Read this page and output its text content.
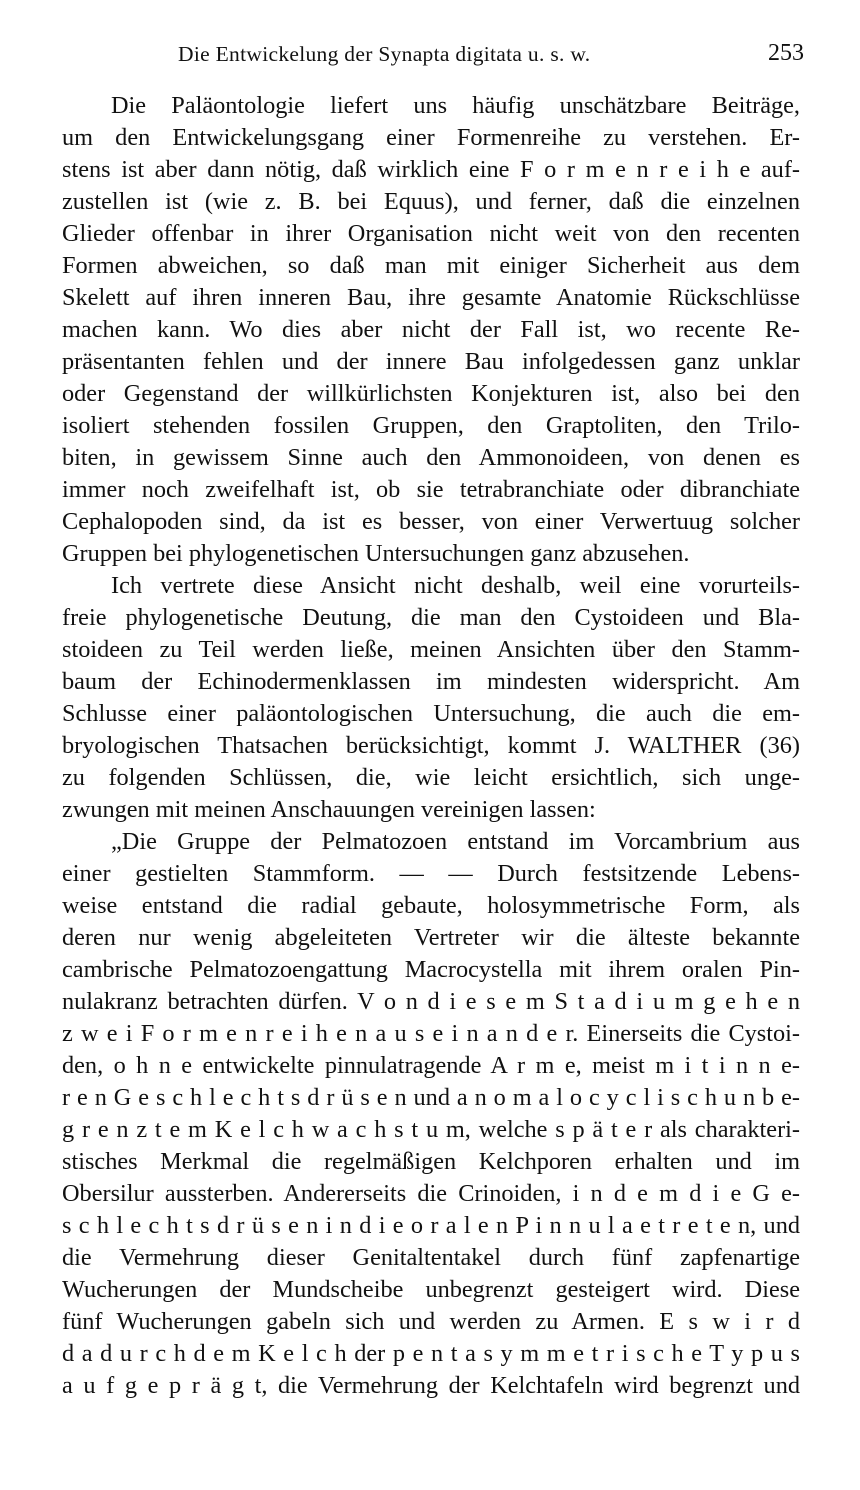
Die Entwickelung der Synapta digitata u. s. w.	253
Die Paläontologie liefert uns häufig unschätzbare Beiträge,
um den Entwickelungsgang einer Formenreihe zu verstehen. Er-
stens ist aber dann nötig, daß wirklich eine F o r m e n r e i h e auf-
zustellen ist (wie z. B. bei Equus), und ferner, daß die einzelnen
Glieder offenbar in ihrer Organisation nicht weit von den recenten
Formen abweichen, so daß man mit einiger Sicherheit aus dem
Skelett auf ihren inneren Bau, ihre gesamte Anatomie Rückschlüsse
machen kann. Wo dies aber nicht der Fall ist, wo recente Re-
präsentanten fehlen und der innere Bau infolgedessen ganz unklar
oder Gegenstand der willkürlichsten Konjekturen ist, also bei den
isoliert stehenden fossilen Gruppen, den Graptoliten, den Trilo-
biten, in gewissem Sinne auch den Ammonoideen, von denen es
immer noch zweifelhaft ist, ob sie tetrabranchiate oder dibranchiate
Cephalopoden sind, da ist es besser, von einer Verwertuug solcher
Gruppen bei phylogenetischen Untersuchungen ganz abzusehen.
Ich vertrete diese Ansicht nicht deshalb, weil eine vorurteils-
freie phylogenetische Deutung, die man den Cystoideen und Bla-
stoideen zu Teil werden ließe, meinen Ansichten über den Stamm-
baum der Echinodermenklassen im mindesten widerspricht. Am
Schlusse einer paläontologischen Untersuchung, die auch die em-
bryologischen Thatsachen berücksichtigt, kommt J. WALTHER (36)
zu folgenden Schlüssen, die, wie leicht ersichtlich, sich unge-
zwungen mit meinen Anschauungen vereinigen lassen:
„Die Gruppe der Pelmatozoen entstand im Vorcambrium aus
einer gestielten Stammform. — — Durch festsitzende Lebens-
weise entstand die radial gebaute, holosymmetrische Form, als
deren nur wenig abgeleiteten Vertreter wir die älteste bekannte
cambrische Pelmatozoengattung Macrocystella mit ihrem oralen Pin-
nulakranz betrachten dürfen. V o n d i e s e m S t a d i u m g e h e n
z w e i F o r m e n r e i h e n a u s e i n a n d e r. Einerseits die Cystoi-
den, o h n e entwickelte pinnulatragende A r m e, meist m i t i n n e-
r e n G e s c h l e c h t s d r ü s e n und a n o m a l o c y c l i s c h u n b e-
g r e n z t e m K e l c h w a c h s t u m, welche s p ä t e r als charakteri-
stisches Merkmal die regelmäßigen Kelchporen erhalten und im
Obersilur aussterben. Andererseits die Crinoiden, i n d e m d i e G e-
s c h l e c h t s d r ü s e n i n d i e o r a l e n P i n n u l a e t r e t e n, und
die Vermehrung dieser Genitaltentakel durch fünf zapfenartige
Wucherungen der Mundscheibe unbegrenzt gesteigert wird. Diese
fünf Wucherungen gabeln sich und werden zu Armen. E s w i r d
d a d u r c h d e m K e l c h der p e n t a s y m m e t r i s c h e T y p u s
a u f g e p r ä g t, die Vermehrung der Kelchtafeln wird begrenzt und
